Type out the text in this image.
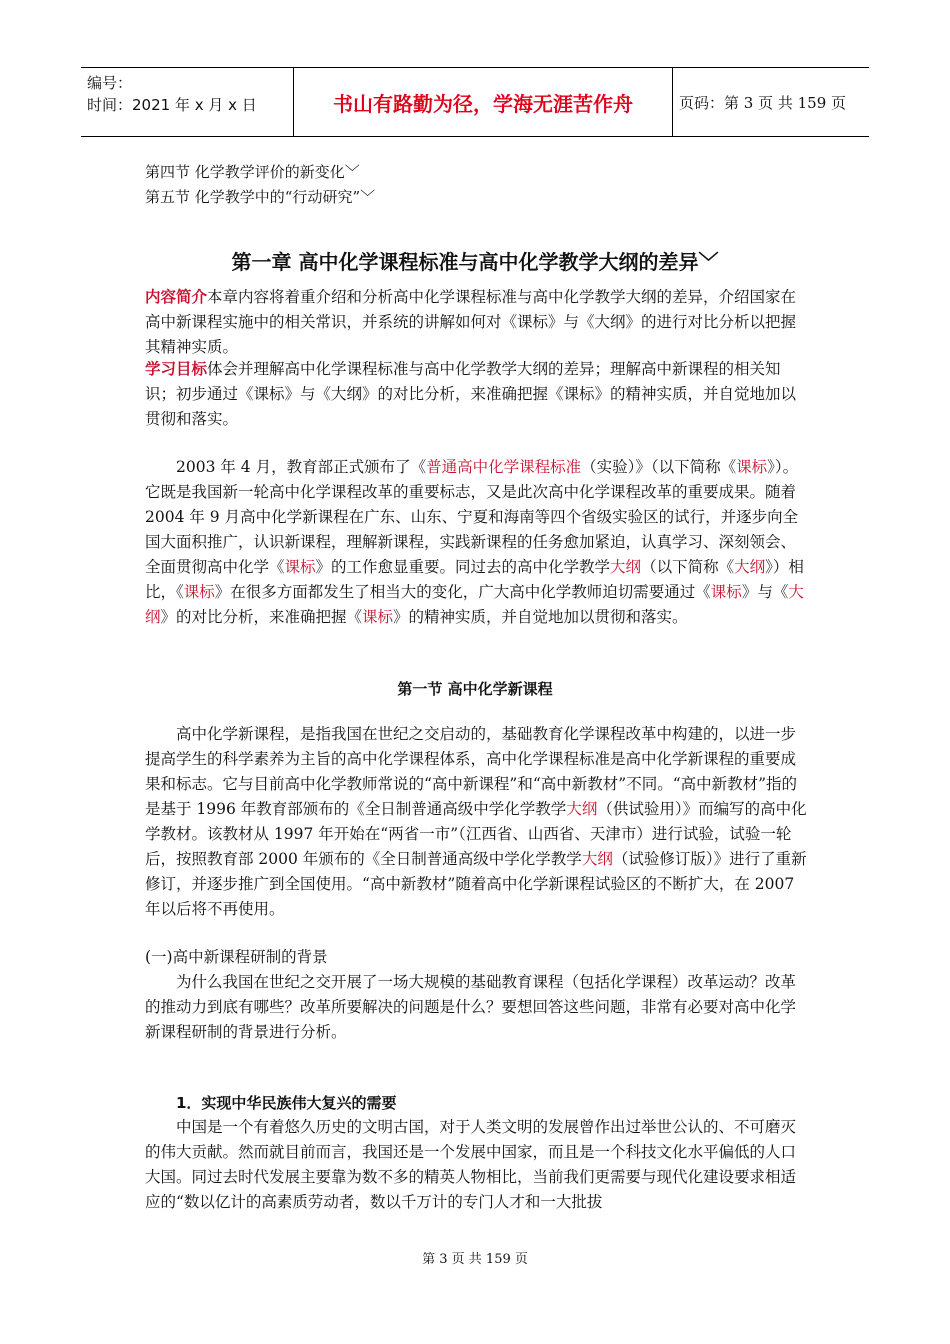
编号：
时间：2021 年 x 月 x 日	书山有路勤为径，学海无涯苦作舟	页码：第 3 页 共 159 页
第四节 化学教学评价的新变化﹀
第五节 化学教学中的“行动研究”﹀
第一章 高中化学课程标准与高中化学教学大纲的差异﹀

内容简介本章内容将着重介绍和分析高中化学课程标准与高中化学教学大纲的差异，介绍国家在高中新课程实施中的相关常识，并系统的讲解如何对《课标》与《大纲》的进行对比分析以把握其精神实质。

学习目标体会并理解高中化学课程标准与高中化学教学大纲的差异；理解高中新课程的相关知识；初步通过《课标》与《大纲》的对比分析，来准确把握《课标》的精神实质，并自觉地加以贯彻和落实。

2003 年 4 月，教育部正式颁布了《普通高中化学课程标准（实验）》（以下简称《课标》）。它既是我国新一轮高中化学课程改革的重要标志，又是此次高中化学课程改革的重要成果。随着 2004 年 9 月高中化学新课程在广东、山东、宁夏和海南等四个省级实验区的试行，并逐步向全国大面积推广，认识新课程，理解新课程，实践新课程的任务愈加紧迫，认真学习、深刻领会、全面贯彻高中化学《课标》的工作愈显重要。同过去的高中化学教学大纲（以下简称《大纲》）相比，《课标》在很多方面都发生了相当大的变化，广大高中化学教师迫切需要通过《课标》与《大纲》的对比分析，来准确把握《课标》的精神实质，并自觉地加以贯彻和落实。

第一节 高中化学新课程

高中化学新课程，是指我国在世纪之交启动的，基础教育化学课程改革中构建的，以进一步提高学生的科学素养为主旨的高中化学课程体系，高中化学课程标准是高中化学新课程的重要成果和标志。它与目前高中化学教师常说的“高中新课程”和“高中新教材”不同。“高中新教材”指的是基于 1996 年教育部颁布的《全日制普通高级中学化学教学大纲（供试验用）》而编写的高中化学教材。该教材从 1997 年开始在“两省一市”（江西省、山西省、天津市）进行试验，试验一轮后，按照教育部 2000 年颁布的《全日制普通高级中学化学教学大纲（试验修订版）》进行了重新修订，并逐步推广到全国使用。“高中新教材”随着高中化学新课程试验区的不断扩大，在 2007 年以后将不再使用。

(一)高中新课程研制的背景

为什么我国在世纪之交开展了一场大规模的基础教育课程（包括化学课程）改革运动？改革的推动力到底有哪些？改革所要解决的问题是什么？要想回答这些问题，非常有必要对高中化学新课程研制的背景进行分析。

1．实现中华民族伟大复兴的需要

中国是一个有着悠久历史的文明古国，对于人类文明的发展曾作出过举世公认的、不可磨灭的伟大贡献。然而就目前而言，我国还是一个发展中国家，而且是一个科技文化水平偏低的人口大国。同过去时代发展主要靠为数不多的精英人物相比，当前我们更需要与现代化建设要求相适应的“数以亿计的高素质劳动者，数以千万计的专门人才和一大批拔

第 3 页 共 159 页
